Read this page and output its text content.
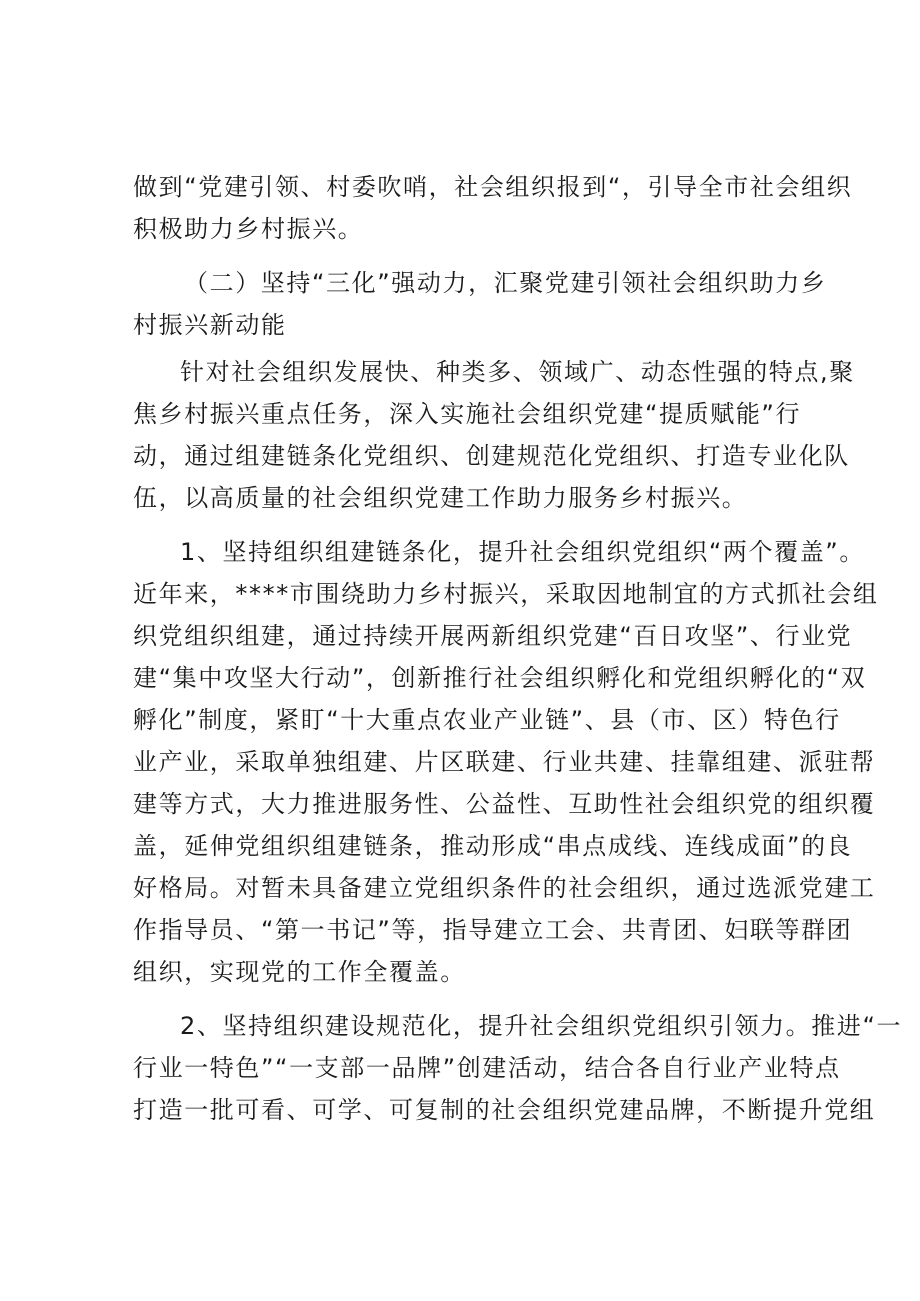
做到“党建引领、村委吹哨，社会组织报到“，引导全市社会组织
积极助力乡村振兴。
（二）坚持“三化”强动力，汇聚党建引领社会组织助力乡
村振兴新动能
针对社会组织发展快、种类多、领域广、动态性强的特点,聚
焦乡村振兴重点任务，深入实施社会组织党建“提质赋能”行
动，通过组建链条化党组织、创建规范化党组织、打造专业化队
伍，以高质量的社会组织党建工作助力服务乡村振兴。
1、坚持组织组建链条化，提升社会组织党组织“两个覆盖”。
近年来，****市围绕助力乡村振兴，采取因地制宜的方式抓社会组
织党组织组建，通过持续开展两新组织党建“百日攻坚”、行业党
建“集中攻坚大行动”，创新推行社会组织孵化和党组织孵化的“双
孵化”制度，紧盯“十大重点农业产业链”、县（市、区）特色行
业产业，采取单独组建、片区联建、行业共建、挂靠组建、派驻帮
建等方式，大力推进服务性、公益性、互助性社会组织党的组织覆
盖，延伸党组织组建链条，推动形成“串点成线、连线成面”的良
好格局。对暂未具备建立党组织条件的社会组织，通过选派党建工
作指导员、“第一书记”等，指导建立工会、共青团、妇联等群团
组织，实现党的工作全覆盖。
2、坚持组织建设规范化，提升社会组织党组织引领力。推进“一
行业一特色”“一支部一品牌”创建活动，结合各自行业产业特点
打造一批可看、可学、可复制的社会组织党建品牌，不断提升党组
